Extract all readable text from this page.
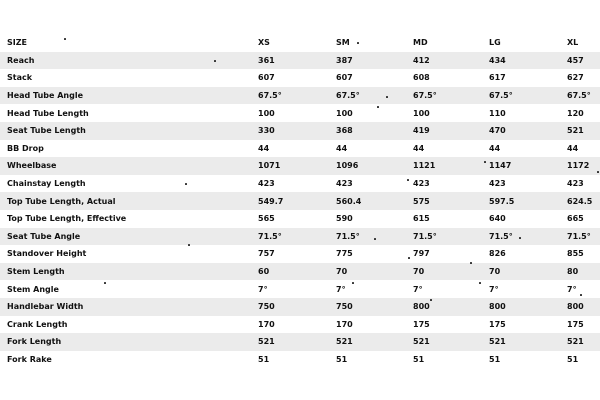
SIZE	XS	SM	MD	LG	XL
Reach	361	387	412	434	457
Stack	607	607	608	617	627
Head Tube Angle	67.5°	67.5°	67.5°	67.5°	67.5°
Head Tube Length	100	100	100	110	120
Seat Tube Length	330	368	419	470	521
BB Drop	44	44	44	44	44
Wheelbase	1071	1096	1121	1147	1172
Chainstay Length	423	423	423	423	423
Top Tube Length, Actual	549.7	560.4	575	597.5	624.5
Top Tube Length, Effective	565	590	615	640	665
Seat Tube Angle	71.5°	71.5°	71.5°	71.5°	71.5°
Standover Height	757	775	797	826	855
Stem Length	60	70	70	70	80
Stem Angle	7°	7°	7°	7°	7°
Handlebar Width	750	750	800	800	800
Crank Length	170	170	175	175	175
Fork Length	521	521	521	521	521
Fork Rake	51	51	51	51	51
